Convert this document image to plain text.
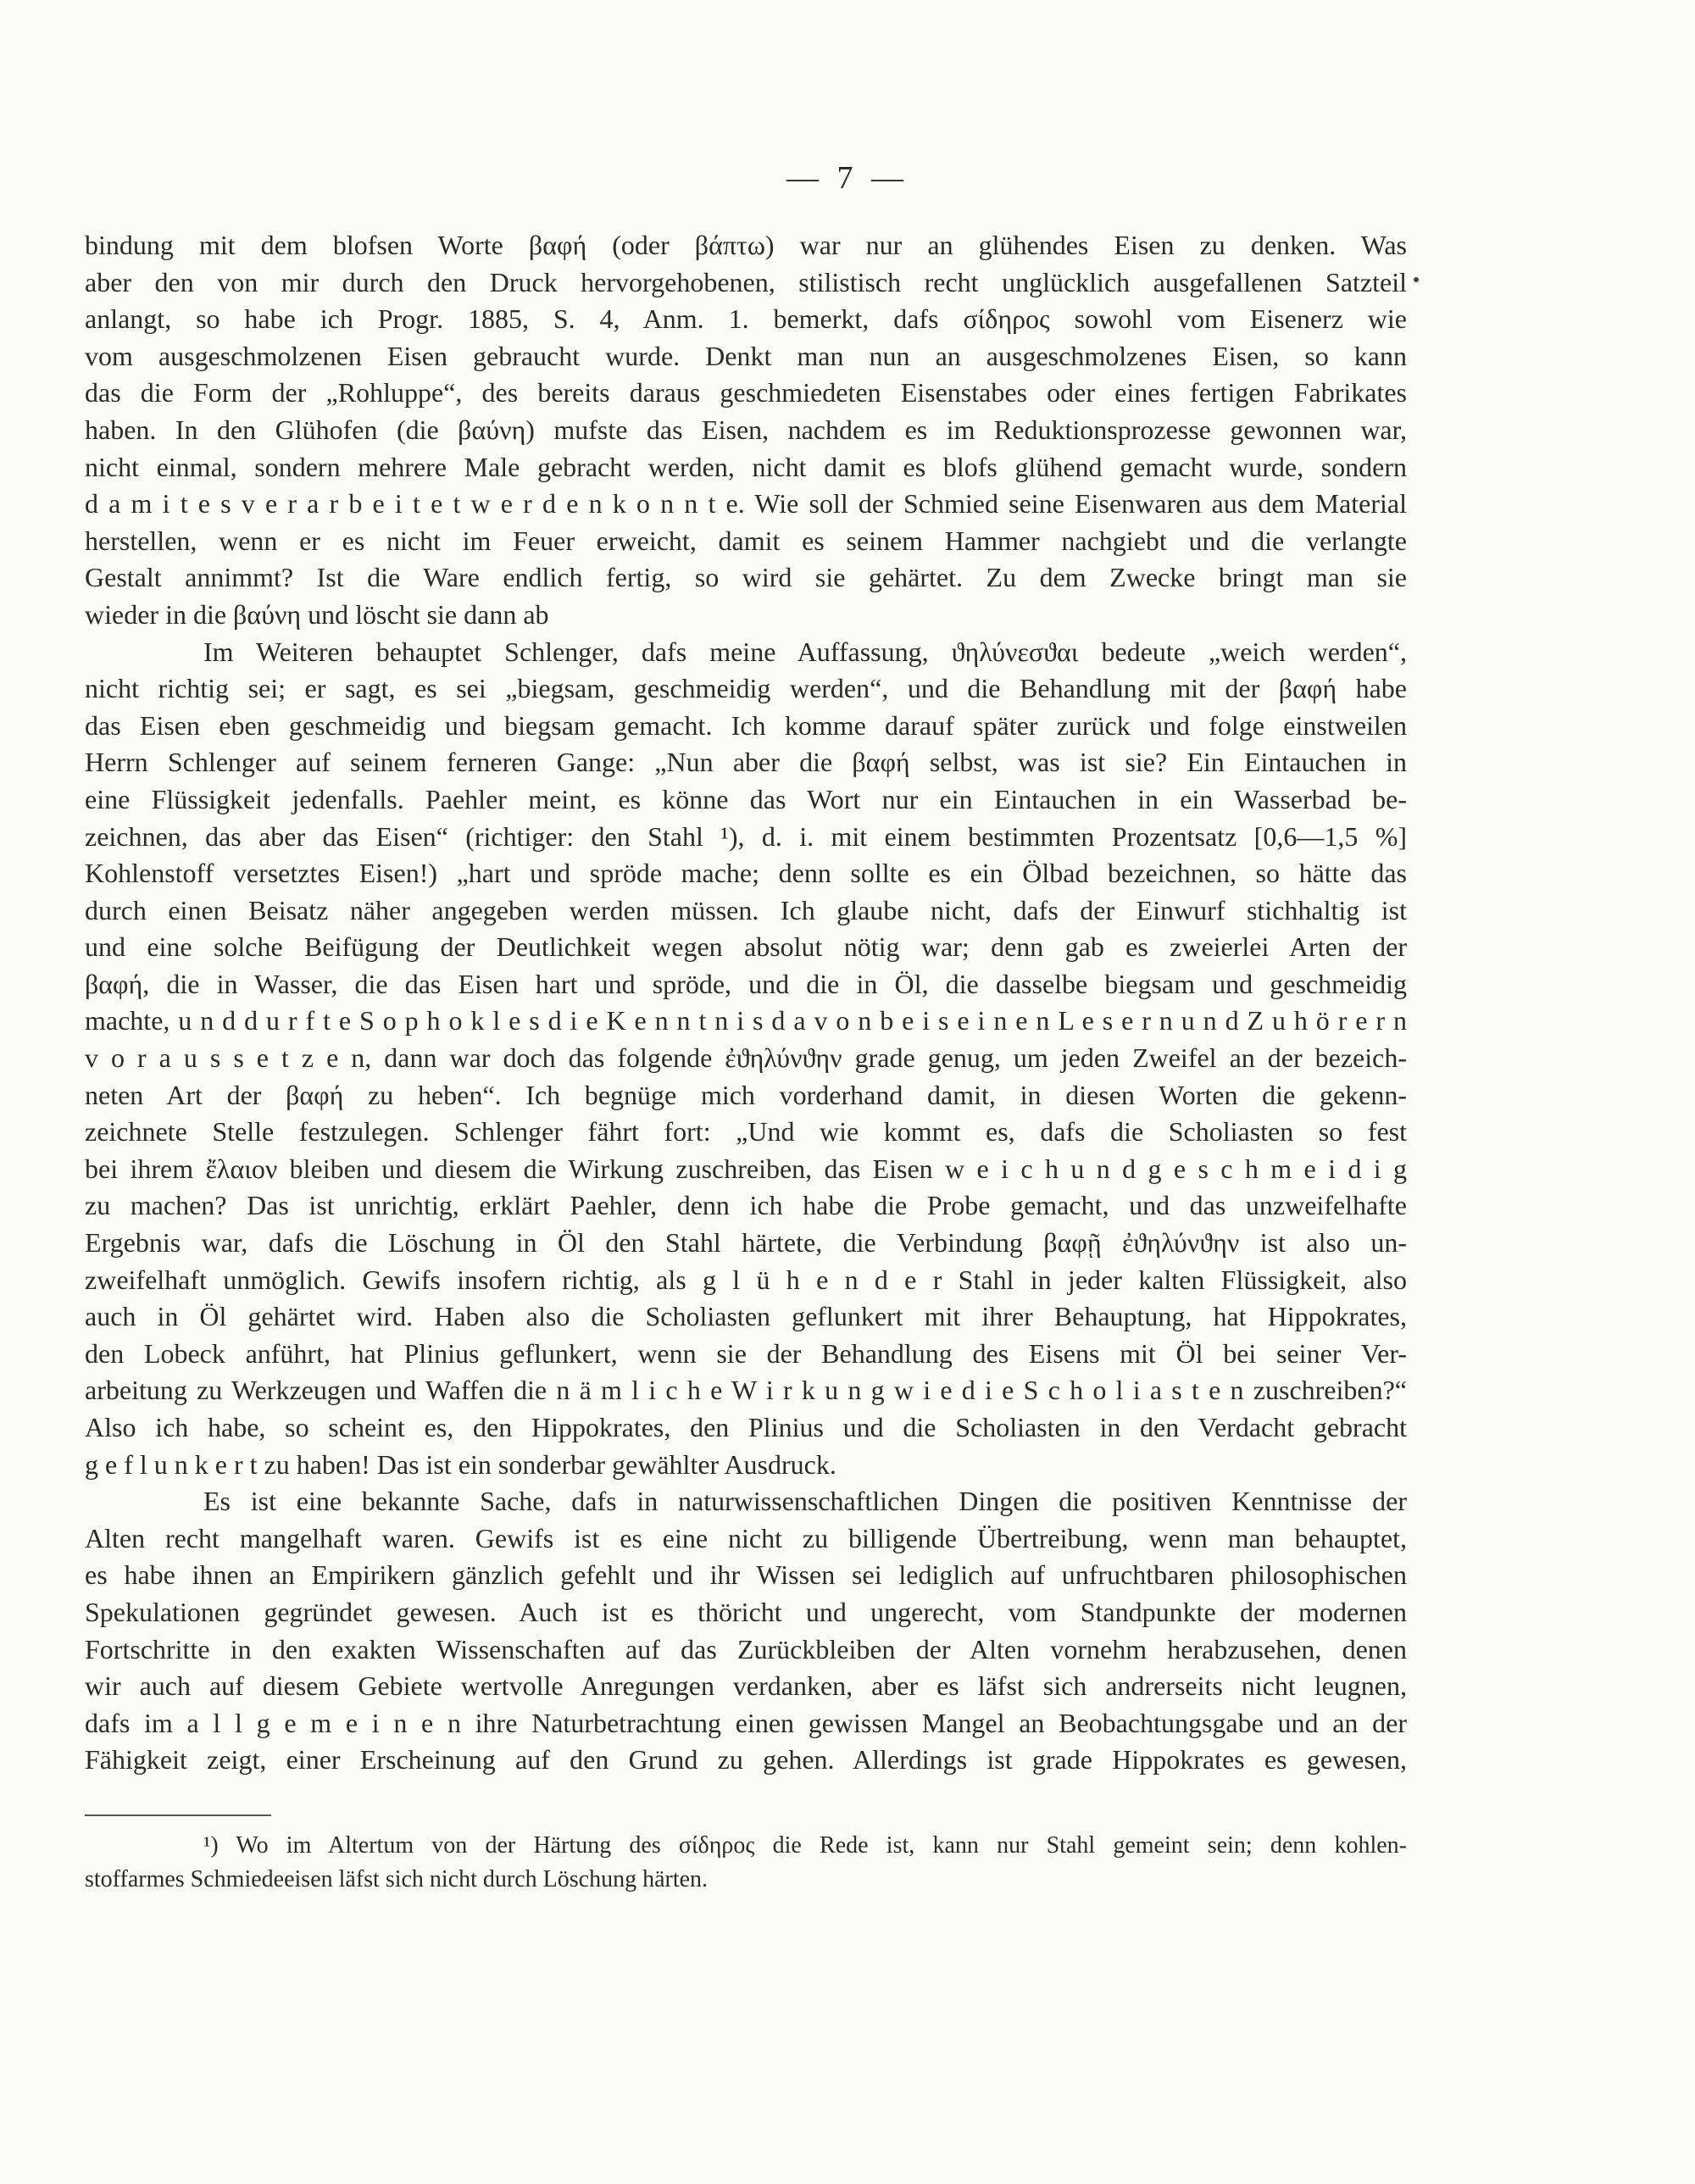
— 7 —
bindung mit dem blofsen Worte βαφή (oder βάπτω) war nur an glühendes Eisen zu denken. Was
aber den von mir durch den Druck hervorgehobenen, stilistisch recht unglücklich ausgefallenen Satzteil
anlangt, so habe ich Progr. 1885, S. 4, Anm. 1. bemerkt, dafs σίδηρος sowohl vom Eisenerz wie
vom ausgeschmolzenen Eisen gebraucht wurde. Denkt man nun an ausgeschmolzenes Eisen, so kann
das die Form der „Rohluppe“, des bereits daraus geschmiedeten Eisenstabes oder eines fertigen Fabrikates
haben. In den Glühofen (die βαύνη) mufste das Eisen, nachdem es im Reduktionsprozesse gewonnen war,
nicht einmal, sondern mehrere Male gebracht werden, nicht damit es blofs glühend gemacht wurde, sondern
d a m i t e s v e r a r b e i t e t w e r d e n k o n n t e. Wie soll der Schmied seine Eisenwaren aus dem Material
herstellen, wenn er es nicht im Feuer erweicht, damit es seinem Hammer nachgiebt und die verlangte
Gestalt annimmt? Ist die Ware endlich fertig, so wird sie gehärtet. Zu dem Zwecke bringt man sie
wieder in die βαύνη und löscht sie dann ab
Im Weiteren behauptet Schlenger, dafs meine Auffassung, ϑηλύνεσϑαι bedeute „weich werden“,
nicht richtig sei; er sagt, es sei „biegsam, geschmeidig werden“, und die Behandlung mit der βαφή habe
das Eisen eben geschmeidig und biegsam gemacht. Ich komme darauf später zurück und folge einstweilen
Herrn Schlenger auf seinem ferneren Gange: „Nun aber die βαφή selbst, was ist sie? Ein Eintauchen in
eine Flüssigkeit jedenfalls. Paehler meint, es könne das Wort nur ein Eintauchen in ein Wasserbad be-
zeichnen, das aber das Eisen“ (richtiger: den Stahl ¹), d. i. mit einem bestimmten Prozentsatz [0,6—1,5 %]
Kohlenstoff versetztes Eisen!) „hart und spröde mache; denn sollte es ein Ölbad bezeichnen, so hätte das
durch einen Beisatz näher angegeben werden müssen. Ich glaube nicht, dafs der Einwurf stichhaltig ist
und eine solche Beifügung der Deutlichkeit wegen absolut nötig war; denn gab es zweierlei Arten der
βαφή, die in Wasser, die das Eisen hart und spröde, und die in Öl, die dasselbe biegsam und geschmeidig
machte, u n d d u r f t e S o p h o k l e s d i e K e n n t n i s d a v o n b e i s e i n e n L e s e r n u n d Z u h ö r e r n
v o r a u s s e t z e n, dann war doch das folgende ἐϑηλύνϑην grade genug, um jeden Zweifel an der bezeich-
neten Art der βαφή zu heben“. Ich begnüge mich vorderhand damit, in diesen Worten die gekenn-
zeichnete Stelle festzulegen. Schlenger fährt fort: „Und wie kommt es, dafs die Scholiasten so fest
bei ihrem ἔλαιον bleiben und diesem die Wirkung zuschreiben, das Eisen w e i c h u n d g e s c h m e i d i g
zu machen? Das ist unrichtig, erklärt Paehler, denn ich habe die Probe gemacht, und das unzweifelhafte
Ergebnis war, dafs die Löschung in Öl den Stahl härtete, die Verbindung βαφῇ ἐϑηλύνϑην ist also un-
zweifelhaft unmöglich. Gewifs insofern richtig, als g l ü h e n d e r Stahl in jeder kalten Flüssigkeit, also
auch in Öl gehärtet wird. Haben also die Scholiasten geflunkert mit ihrer Behauptung, hat Hippokrates,
den Lobeck anführt, hat Plinius geflunkert, wenn sie der Behandlung des Eisens mit Öl bei seiner Ver-
arbeitung zu Werkzeugen und Waffen die n ä m l i c h e W i r k u n g w i e d i e S c h o l i a s t e n zuschreiben?“
Also ich habe, so scheint es, den Hippokrates, den Plinius und die Scholiasten in den Verdacht gebracht
g e f l u n k e r t zu haben! Das ist ein sonderbar gewählter Ausdruck.
Es ist eine bekannte Sache, dafs in naturwissenschaftlichen Dingen die positiven Kenntnisse der
Alten recht mangelhaft waren. Gewifs ist es eine nicht zu billigende Übertreibung, wenn man behauptet,
es habe ihnen an Empirikern gänzlich gefehlt und ihr Wissen sei lediglich auf unfruchtbaren philosophischen
Spekulationen gegründet gewesen. Auch ist es thöricht und ungerecht, vom Standpunkte der modernen
Fortschritte in den exakten Wissenschaften auf das Zurückbleiben der Alten vornehm herabzusehen, denen
wir auch auf diesem Gebiete wertvolle Anregungen verdanken, aber es läfst sich andrerseits nicht leugnen,
dafs im a l l g e m e i n e n ihre Naturbetrachtung einen gewissen Mangel an Beobachtungsgabe und an der
Fähigkeit zeigt, einer Erscheinung auf den Grund zu gehen. Allerdings ist grade Hippokrates es gewesen,
¹) Wo im Altertum von der Härtung des σίδηρος die Rede ist, kann nur Stahl gemeint sein; denn kohlen-
stoffarmes Schmiedeeisen läfst sich nicht durch Löschung härten.
